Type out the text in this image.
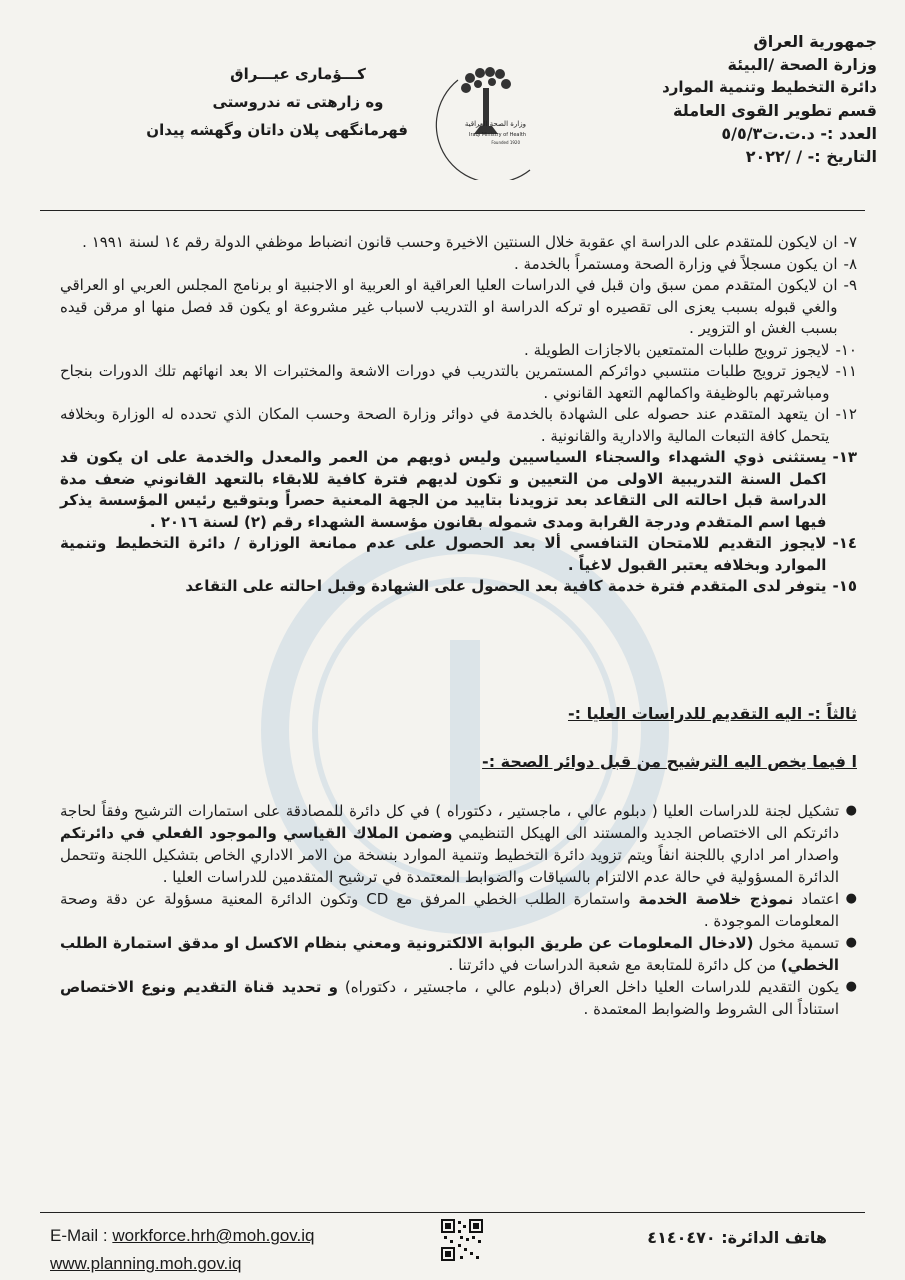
جمهورية العراق
وزارة الصحة /البيئة
دائرة التخطيط وتنمية الموارد
قسم تطوير القوى العاملة
العدد :- د.ت.ت٥/٥/٣
التاريخ :- / /٢٠٢٢
وزارة الصحة العراقية
Iraqi Ministry of Health
Founded 1920
كـــؤمارى عيـــراق
وه زارهتى ته ندروستى
فهرمانگهى پلان داتان وگهشه پيدان
٧-
ان لايكون للمتقدم على الدراسة اي عقوبة خلال السنتين الاخيرة وحسب قانون انضباط موظفي الدولة رقم ١٤ لسنة ١٩٩١ .
٨-
ان يكون مسجلاً في وزارة الصحة ومستمراً بالخدمة .
٩-
ان لايكون المتقدم ممن سبق وان قبل في الدراسات العليا العراقية او العربية او الاجنبية او برنامج المجلس العربي او العراقي والغي قبوله بسبب يعزى الى تقصيره او تركه الدراسة او التدريب لاسباب غير مشروعة او يكون قد فصل منها او مرقن قيده بسبب الغش او التزوير .
١٠-
لايجوز ترويج طلبات المتمتعين بالاجازات الطويلة .
١١-
لايجوز ترويج طلبات منتسبي دوائركم المستمرين بالتدريب في دورات الاشعة والمختبرات الا بعد انهائهم تلك الدورات بنجاح ومباشرتهم بالوظيفة واكمالهم التعهد القانوني .
١٢-
ان يتعهد المتقدم عند حصوله على الشهادة بالخدمة في دوائر وزارة الصحة وحسب المكان الذي تحدده له الوزارة وبخلافه يتحمل كافة التبعات المالية والادارية والقانونية .
١٣-
يستثنى ذوي الشهداء والسجناء السياسيين وليس ذويهم من العمر والمعدل والخدمة على ان يكون قد اكمل السنة التدريبية الاولى من التعيين و تكون لديهم فترة كافية للابقاء بالتعهد القانوني ضعف مدة الدراسة قبل احالته الى التقاعد بعد تزويدنا بتاييد من الجهة المعنية حصراً وبتوقيع رئيس المؤسسة يذكر فيها اسم المتقدم ودرجة القرابة ومدى شموله بقانون مؤسسة الشهداء رقم (٢) لسنة ٢٠١٦ .
١٤-
لايجوز التقديم للامتحان التنافسي ألا بعد الحصول على عدم ممانعة الوزارة / دائرة التخطيط وتنمية الموارد وبخلافه يعتبر القبول لاغياً .
١٥-
يتوفر لدى المتقدم فترة خدمة كافية بعد الحصول على الشهادة وقبل احالته على التقاعد
ثالثاً :- اليه التقديم للدراسات العليا :-
ا فيما يخص اليه الترشيح من قبل دوائر الصحة :-
●
تشكيل لجنة للدراسات العليا ( دبلوم عالي ، ماجستير ، دكتوراه ) في كل دائرة للمصادقة على استمارات الترشيح وفقاً لحاجة دائرتكم الى الاختصاص الجديد والمستند الى الهيكل التنظيمي وضمن الملاك القياسي والموجود الفعلي في دائرتكم واصدار امر اداري باللجنة انفاً ويتم تزويد دائرة التخطيط وتنمية الموارد بنسخة من الامر الاداري الخاص بتشكيل اللجنة وتتحمل الدائرة المسؤولية في حالة عدم الالتزام بالسياقات والضوابط المعتمدة في ترشيح المتقدمين للدراسات العليا .
●
اعتماد نموذج خلاصة الخدمة واستمارة الطلب الخطي المرفق مع CD وتكون الدائرة المعنية مسؤولة عن دقة وصحة المعلومات الموجودة .
●
تسمية مخول (لادخال المعلومات عن طريق البوابة الالكترونية ومعني بنظام الاكسل او مدقق استمارة الطلب الخطي) من كل دائرة للمتابعة مع شعبة الدراسات في دائرتنا .
●
يكون التقديم للدراسات العليا داخل العراق (دبلوم عالي ، ماجستير ، دكتوراه) و تحديد قناة التقديم ونوع الاختصاص استناداً الى الشروط والضوابط المعتمدة .
E-Mail : workforce.hrh@moh.gov.iq
www.planning.moh.gov.iq
هاتف الدائرة: ٤١٤٠٤٧٠
